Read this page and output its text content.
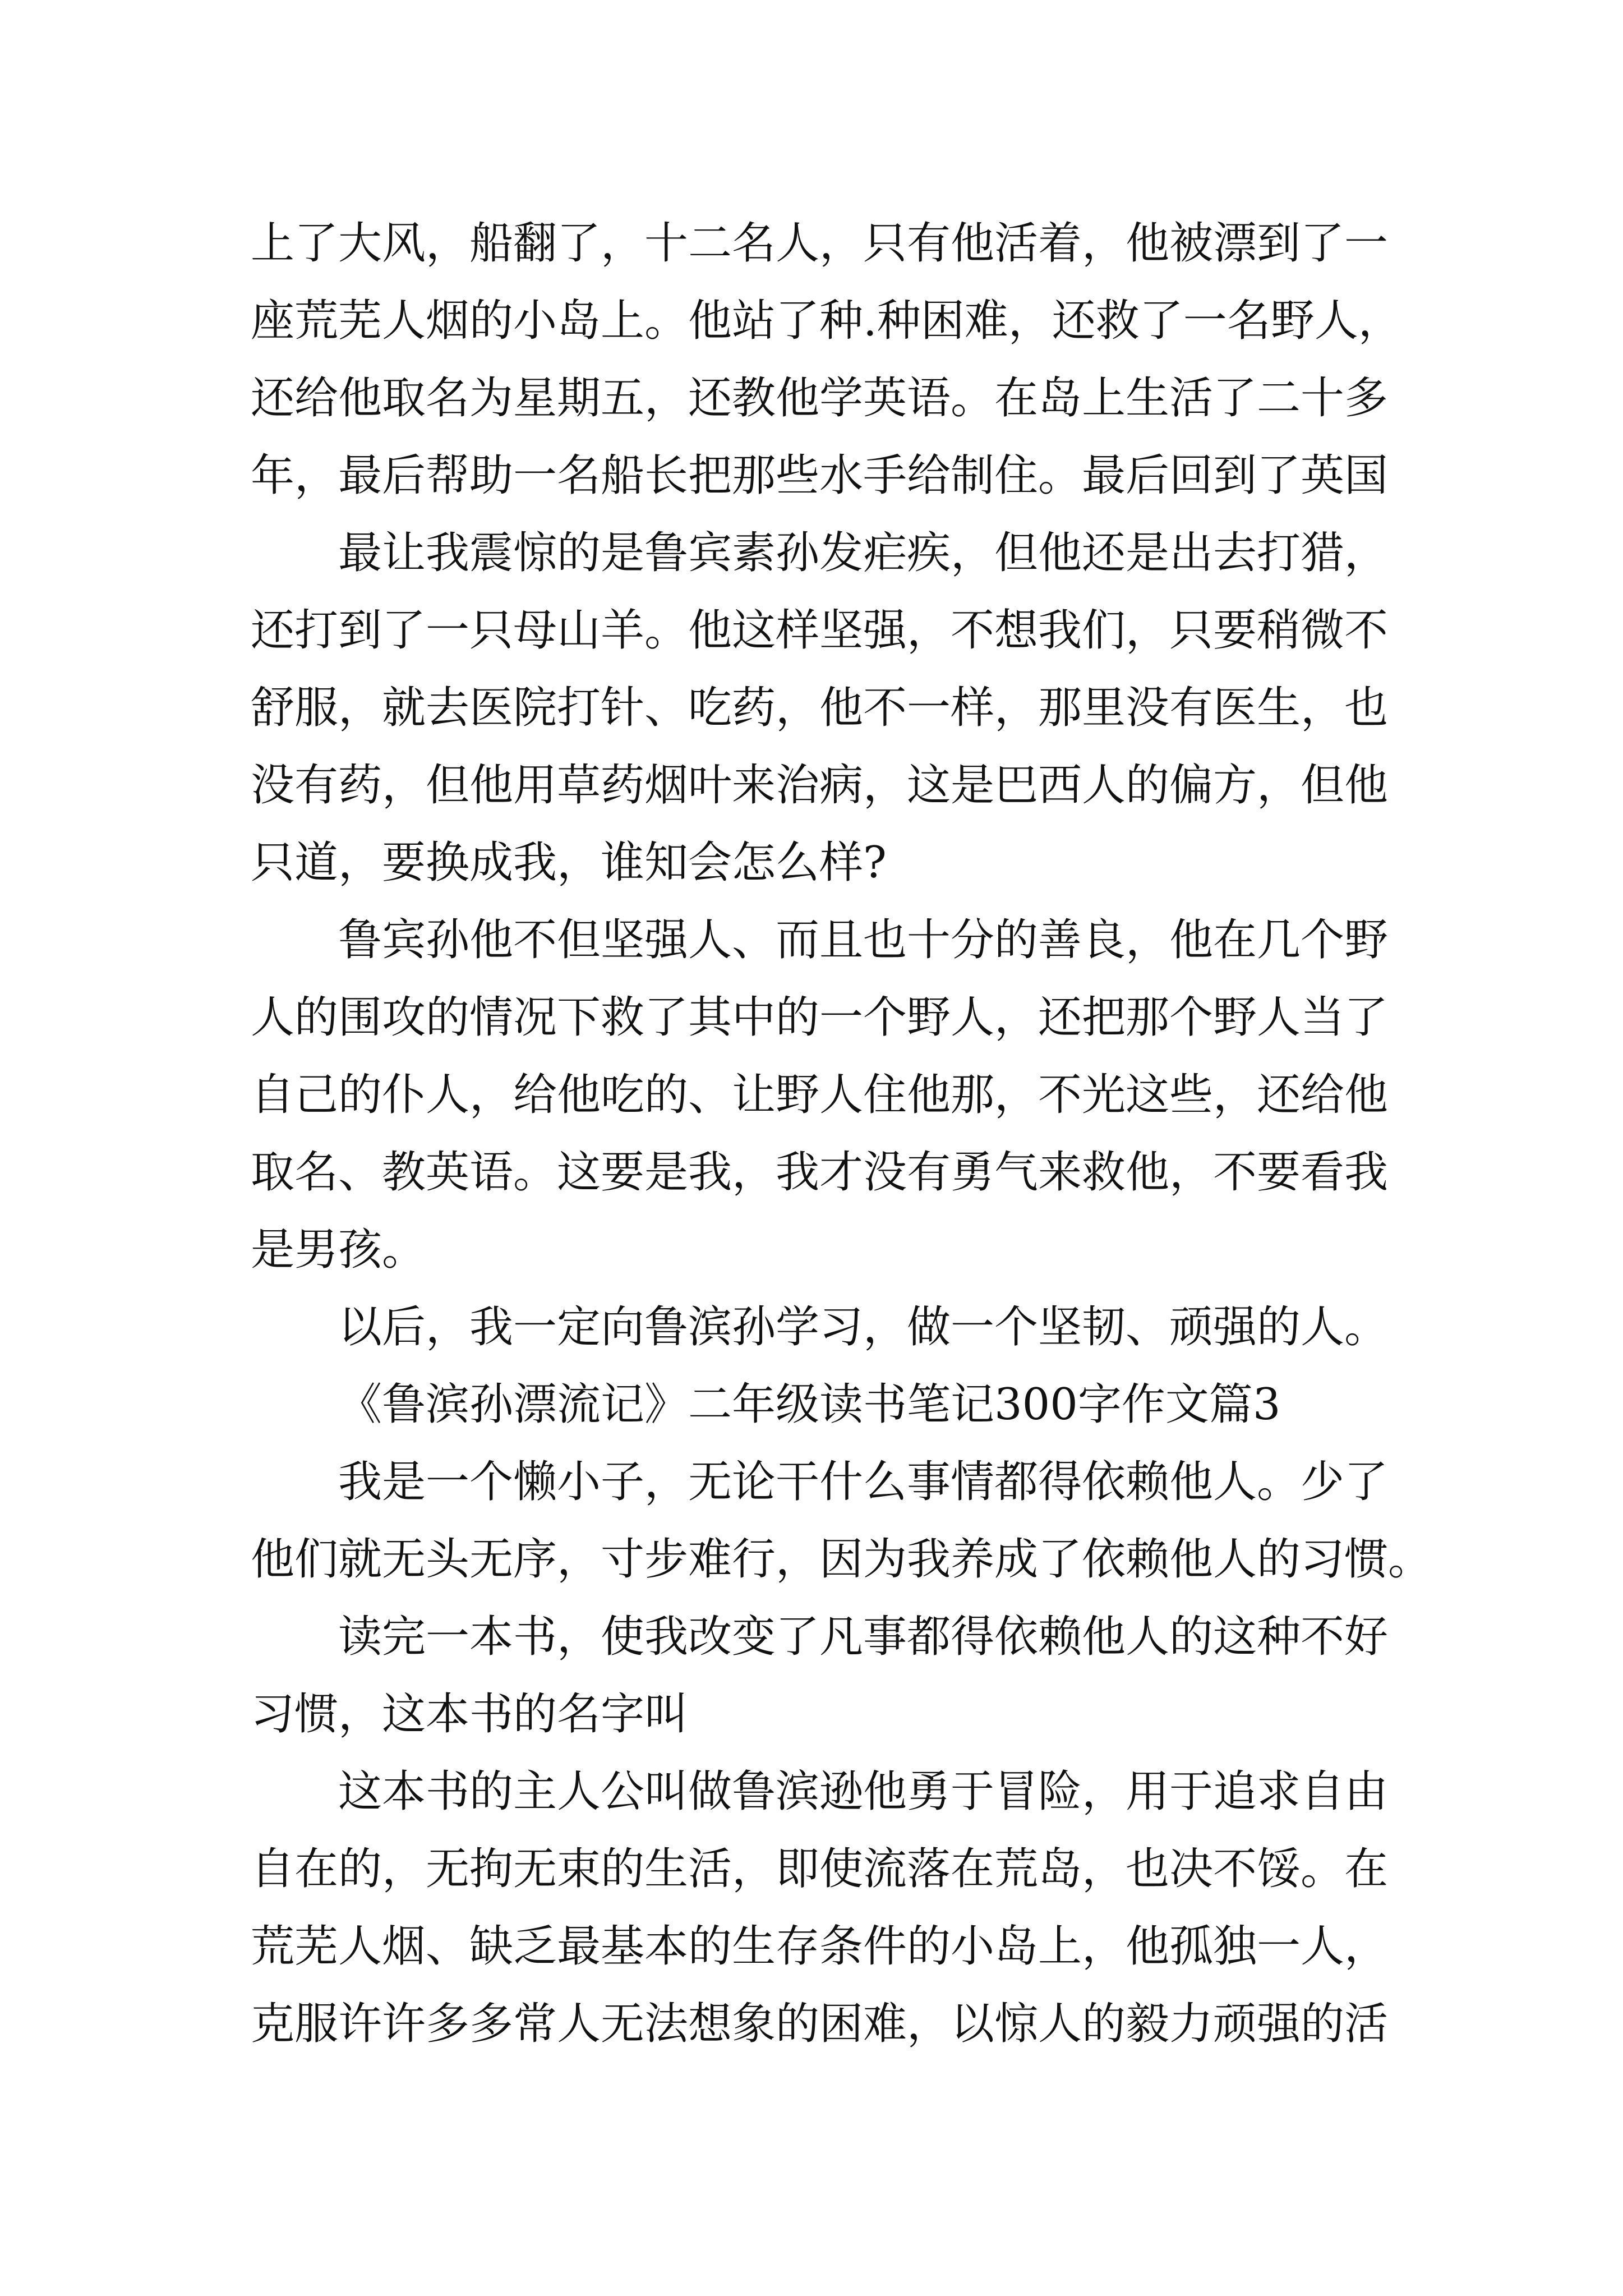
上了大风，船翻了，十二名人，只有他活着，他被漂到了一
座荒芜人烟的小岛上。他站了种.种困难，还救了一名野人，
还给他取名为星期五，还教他学英语。在岛上生活了二十多
年，最后帮助一名船长把那些水手给制住。最后回到了英国
最让我震惊的是鲁宾素孙发疟疾，但他还是出去打猎，
还打到了一只母山羊。他这样坚强，不想我们，只要稍微不
舒服，就去医院打针、吃药，他不一样，那里没有医生，也
没有药，但他用草药烟叶来治病，这是巴西人的偏方，但他
只道，要换成我，谁知会怎么样?
鲁宾孙他不但坚强人、而且也十分的善良，他在几个野
人的围攻的情况下救了其中的一个野人，还把那个野人当了
自己的仆人，给他吃的、让野人住他那，不光这些，还给他
取名、教英语。这要是我，我才没有勇气来救他，不要看我
是男孩。
以后，我一定向鲁滨孙学习，做一个坚韧、顽强的人。
《鲁滨孙漂流记》二年级读书笔记300字作文篇3
我是一个懒小子，无论干什么事情都得依赖他人。少了
他们就无头无序，寸步难行，因为我养成了依赖他人的习惯。
读完一本书，使我改变了凡事都得依赖他人的这种不好
习惯，这本书的名字叫
这本书的主人公叫做鲁滨逊他勇于冒险，用于追求自由
自在的，无拘无束的生活，即使流落在荒岛，也决不馁。在
荒芜人烟、缺乏最基本的生存条件的小岛上，他孤独一人，
克服许许多多常人无法想象的困难，以惊人的毅力顽强的活
